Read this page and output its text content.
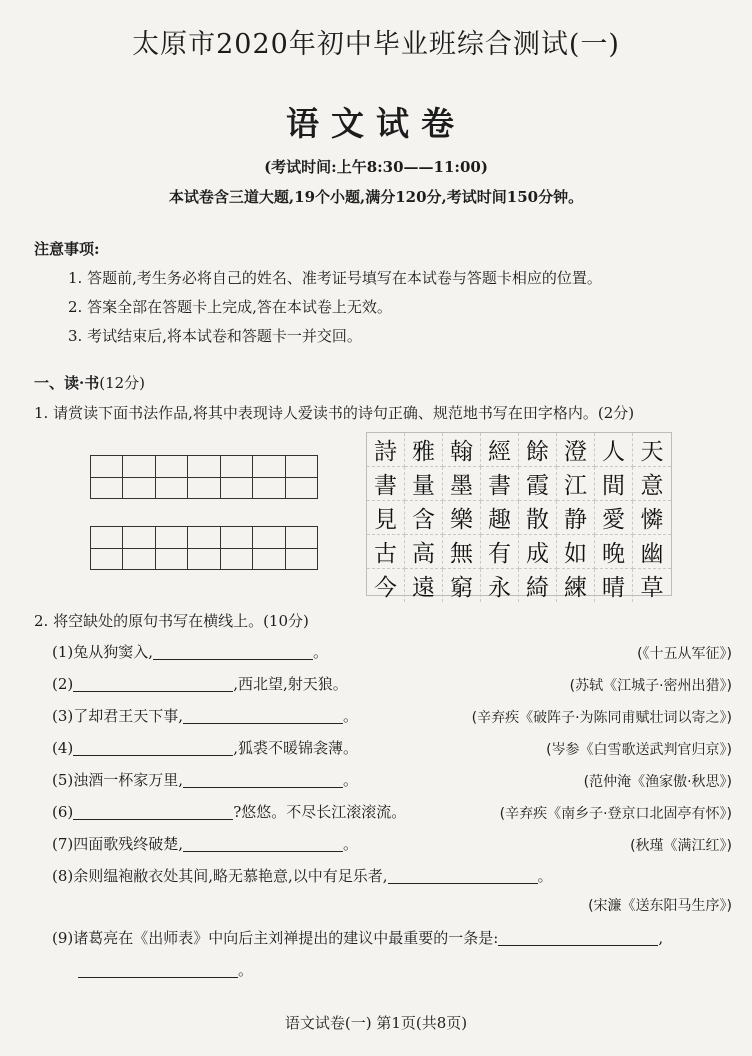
太原市2020年初中毕业班综合测试(一)
语文试卷
(考试时间:上午8:30——11:00)
本试卷含三道大题,19个小题,满分120分,考试时间150分钟。
注意事项:
1. 答题前,考生务必将自己的姓名、准考证号填写在本试卷与答题卡相应的位置。
2. 答案全部在答题卡上完成,答在本试卷上无效。
3. 考试结束后,将本试卷和答题卡一并交回。
一、读·书(12分)
1. 请赏读下面书法作品,将其中表现诗人爱读书的诗句正确、规范地书写在田字格内。(2分)
詩 雅 翰 經 餘 澄 人 天
書 量 墨 書 霞 江 間 意
見 含 樂 趣 散 静 愛 憐
古 高 無 有 成 如 晚 幽
今 遠 窮 永 綺 練 晴 草
2. 将空缺处的原句书写在横线上。(10分)
(1)兔从狗窦入,	。	(《十五从军征》)
(2)	,西北望,射天狼。	(苏轼《江城子·密州出猎》)
(3)了却君王天下事,	。	(辛弃疾《破阵子·为陈同甫赋壮词以寄之》)
(4)	,狐裘不暖锦衾薄。	(岑参《白雪歌送武判官归京》)
(5)浊酒一杯家万里,	。	(范仲淹《渔家傲·秋思》)
(6)	?悠悠。不尽长江滚滚流。	(辛弃疾《南乡子·登京口北固亭有怀》)
(7)四面歌残终破楚,	。	(秋瑾《满江红》)
(8)余则缊袍敝衣处其间,略无慕艳意,以中有足乐者,	。
(宋濂《送东阳马生序》)
(9)诸葛亮在《出师表》中向后主刘禅提出的建议中最重要的一条是:	,
。
语文试卷(一) 第1页(共8页)
